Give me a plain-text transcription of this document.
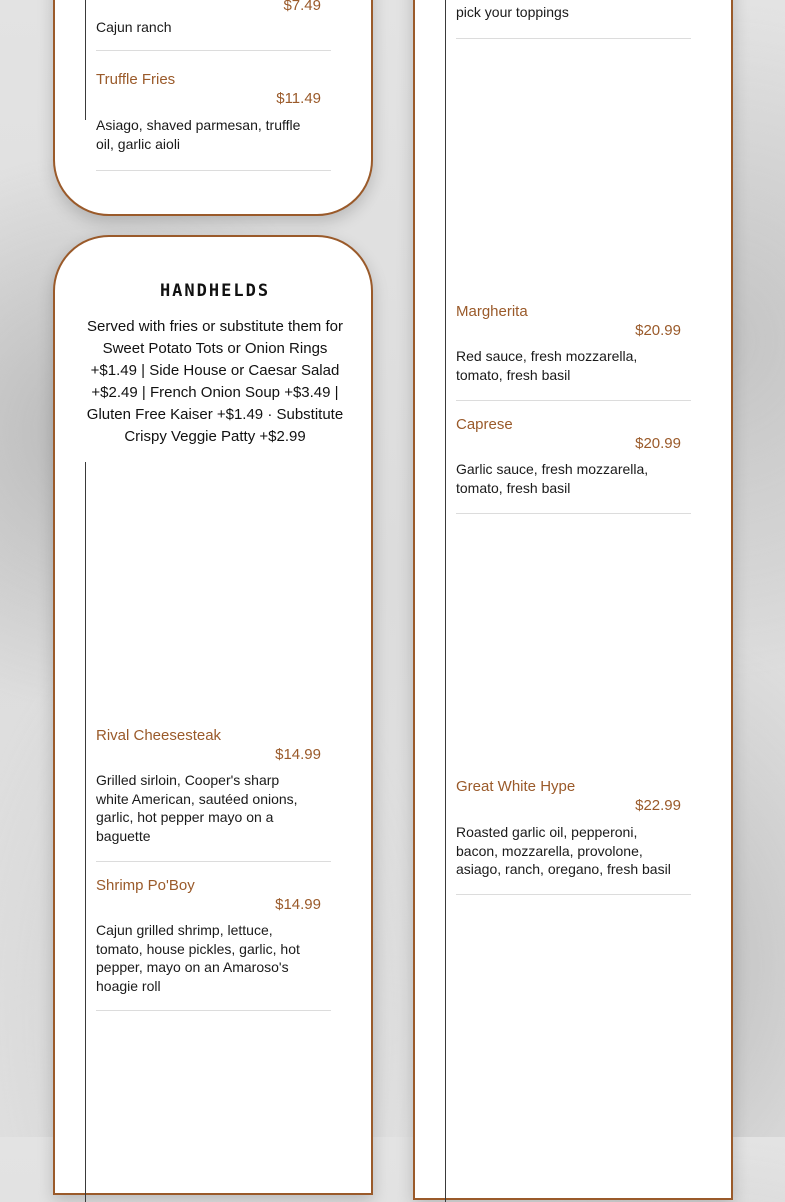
$7.49
Cajun ranch
Truffle Fries
$11.49
Asiago, shaved parmesan, truffle oil, garlic aioli
HANDHELDS
Served with fries or substitute them for Sweet Potato Tots or Onion Rings +$1.49 | Side House or Caesar Salad +$2.49 | French Onion Soup +$3.49 | Gluten Free Kaiser +$1.49 · Substitute Crispy Veggie Patty +$2.99
Rival Cheesesteak
$14.99
Grilled sirloin, Cooper's sharp white American, sautéed onions, garlic, hot pepper mayo on a baguette
Shrimp Po'Boy
$14.99
Cajun grilled shrimp, lettuce, tomato, house pickles, garlic, hot pepper, mayo on an Amaroso's hoagie roll
pick your toppings
Margherita
$20.99
Red sauce, fresh mozzarella, tomato, fresh basil
Caprese
$20.99
Garlic sauce, fresh mozzarella, tomato, fresh basil
Great White Hype
$22.99
Roasted garlic oil, pepperoni, bacon, mozzarella, provolone, asiago, ranch, oregano, fresh basil
